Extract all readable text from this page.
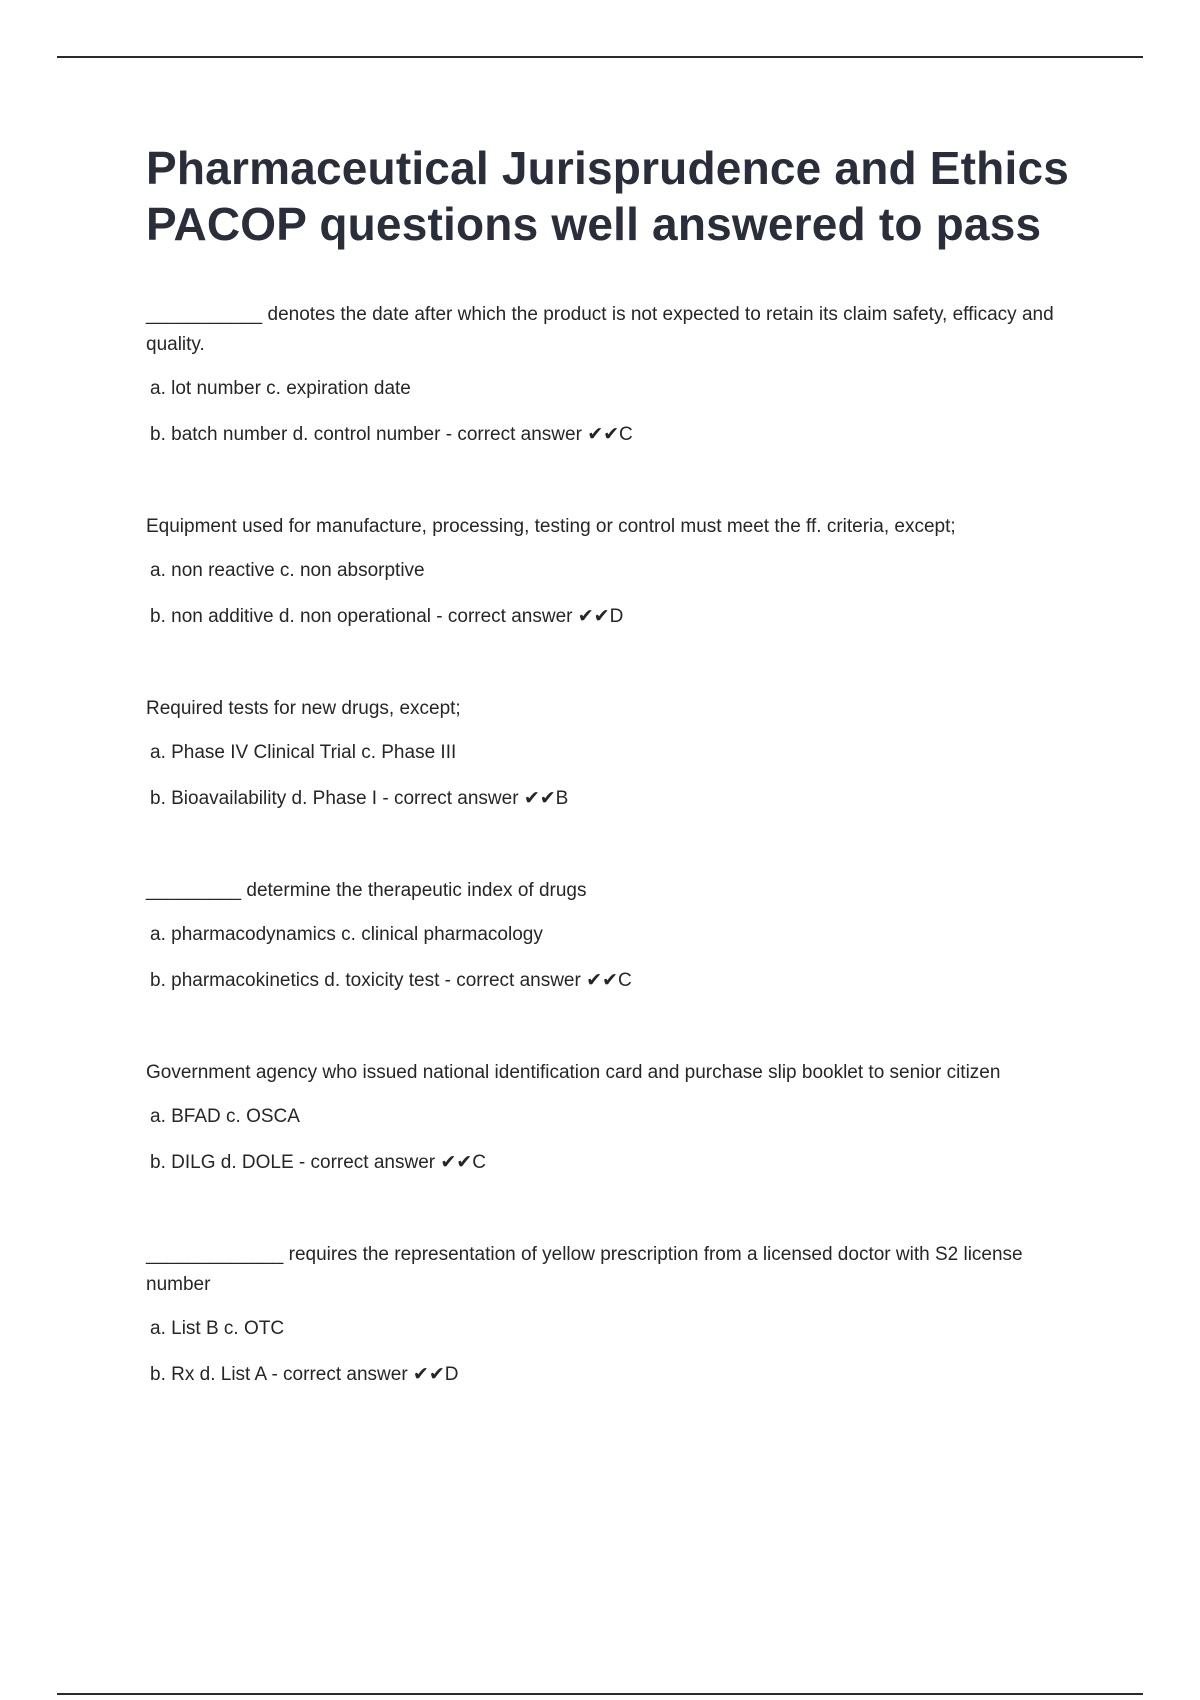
Pharmaceutical Jurisprudence and Ethics PACOP questions well answered to pass

___________ denotes the date after which the product is not expected to retain its claim safety, efficacy and quality.

a. lot number c. expiration date

b. batch number d. control number - correct answer ✔✔C

Equipment used for manufacture, processing, testing or control must meet the ff. criteria, except;

a. non reactive c. non absorptive

b. non additive d. non operational - correct answer ✔✔D

Required tests for new drugs, except;

a. Phase IV Clinical Trial c. Phase III

b. Bioavailability d. Phase I - correct answer ✔✔B

_________ determine the therapeutic index of drugs

a. pharmacodynamics c. clinical pharmacology

b. pharmacokinetics d. toxicity test - correct answer ✔✔C

Government agency who issued national identification card and purchase slip booklet to senior citizen

a. BFAD c. OSCA

b. DILG d. DOLE - correct answer ✔✔C

_____________ requires the representation of yellow prescription from a licensed doctor with S2 license number

a. List B c. OTC

b. Rx d. List A - correct answer ✔✔D
